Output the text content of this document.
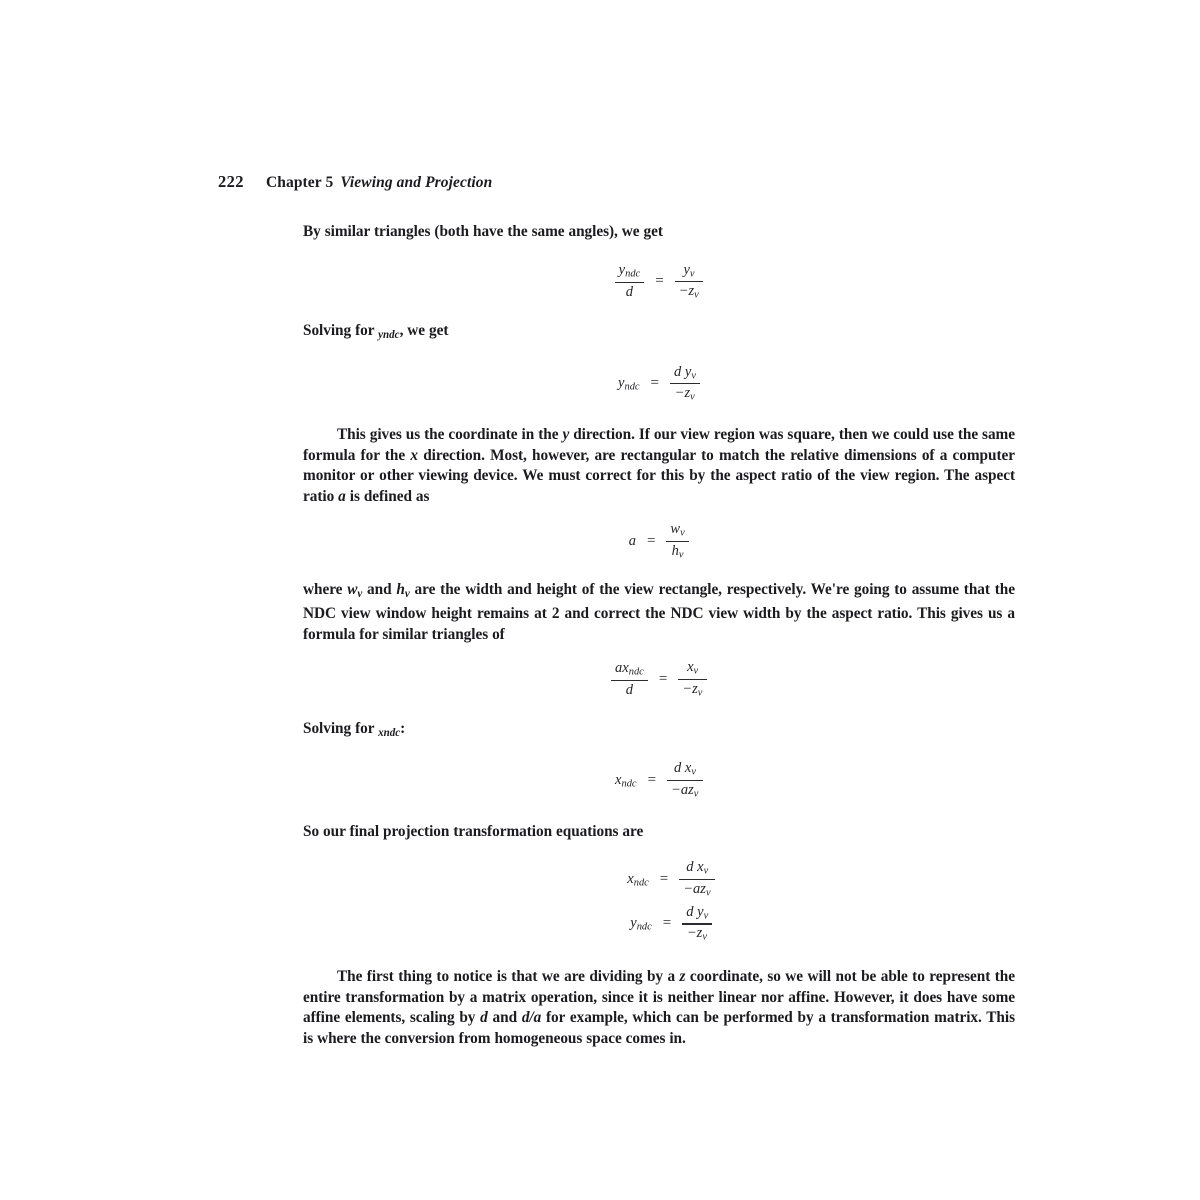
222 Chapter 5 Viewing and Projection

By similar triangles (both have the same angles), we get

$\frac{\text{yndc}}{d} = \frac{yv}{-zv}$

Solving for $_{yndc}$, we get

yndc = $\frac{\text{d yv}}{-zv}$

This gives us the coordinate in the y direction. If our view region was square, then we could use the same formula for the x direction. Most, however, are rectangular to match the relative dimensions of a computer monitor or other viewing device. We must correct for this by the aspect ratio of the view region. The aspect ratio a is defined as

$a = \frac{wv}{hv}$

where $w_v$ and $h_v$ are the width and height of the view rectangle, respectively. We're going to assume that the NDC view window height remains at 2 and correct the NDC view width by the aspect ratio. This gives us a formula for similar triangles of

$\frac{\text{axndc}}{d} = \frac{xv}{-zv}$

Solving for $_{xndc}$:

xndc = $\frac{\text{d xv}}{\text{−azv}}$

So our final projection transformation equations are

xndc = $\frac{\text{d xv}}{\text{−azv}}$
yndc = $\frac{\text{d yv}}{-zv}$

The first thing to notice is that we are dividing by a z coordinate, so we will not be able to represent the entire transformation by a matrix operation, since it is neither linear nor affine. However, it does have some affine elements, scaling by d and d/a for example, which can be performed by a transformation matrix. This is where the conversion from homogeneous space comes in.
